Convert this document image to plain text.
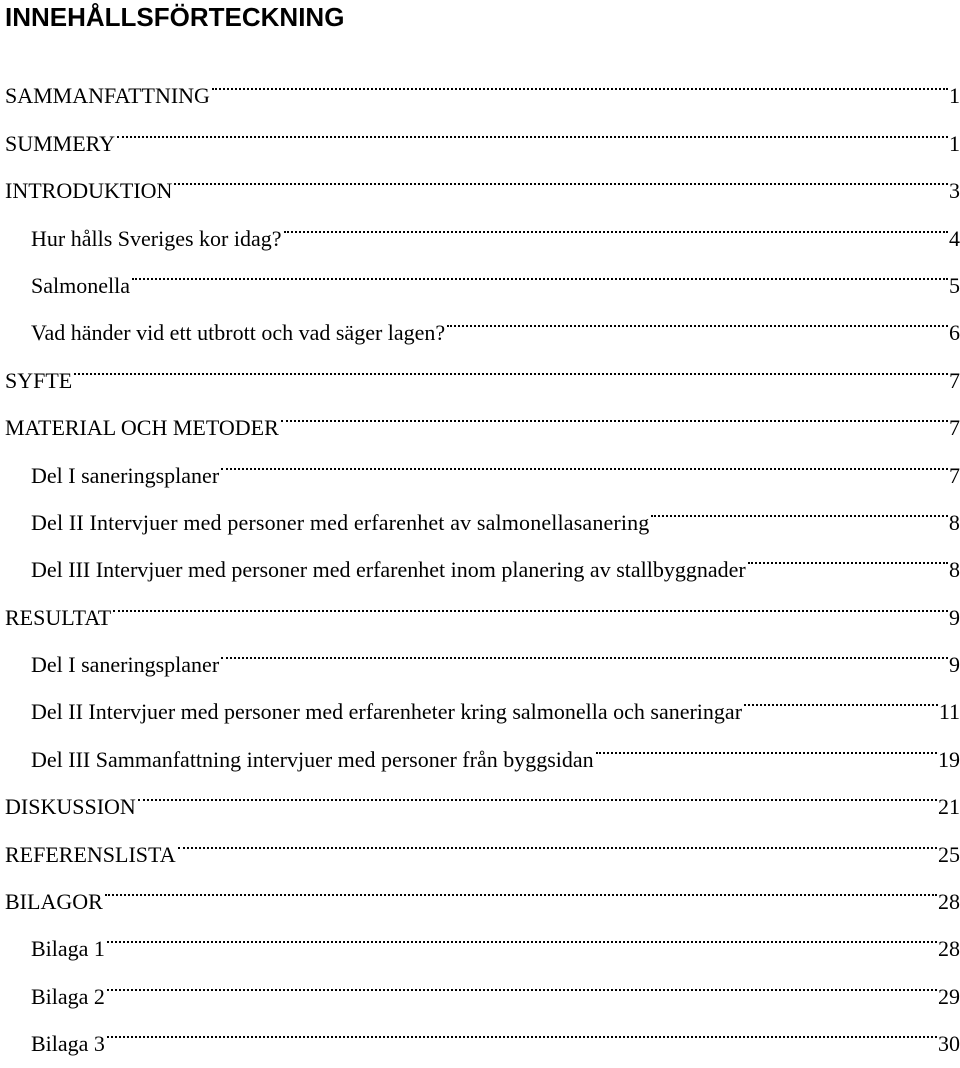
INNEHÅLLSFÖRTECKNING
SAMMANFATTNING	1
SUMMERY	1
INTRODUKTION	3
Hur hålls Sveriges kor idag?	4
Salmonella	5
Vad händer vid ett utbrott och vad säger lagen?	6
SYFTE	7
MATERIAL OCH METODER	7
Del I saneringsplaner	7
Del II Intervjuer med personer med erfarenhet av salmonellasanering	8
Del III Intervjuer med personer med erfarenhet inom planering av stallbyggnader	8
RESULTAT	9
Del I saneringsplaner	9
Del II Intervjuer med personer med erfarenheter kring salmonella och saneringar	11
Del III Sammanfattning intervjuer med personer från byggsidan	19
DISKUSSION	21
REFERENSLISTA	25
BILAGOR	28
Bilaga 1	28
Bilaga 2	29
Bilaga 3	30
